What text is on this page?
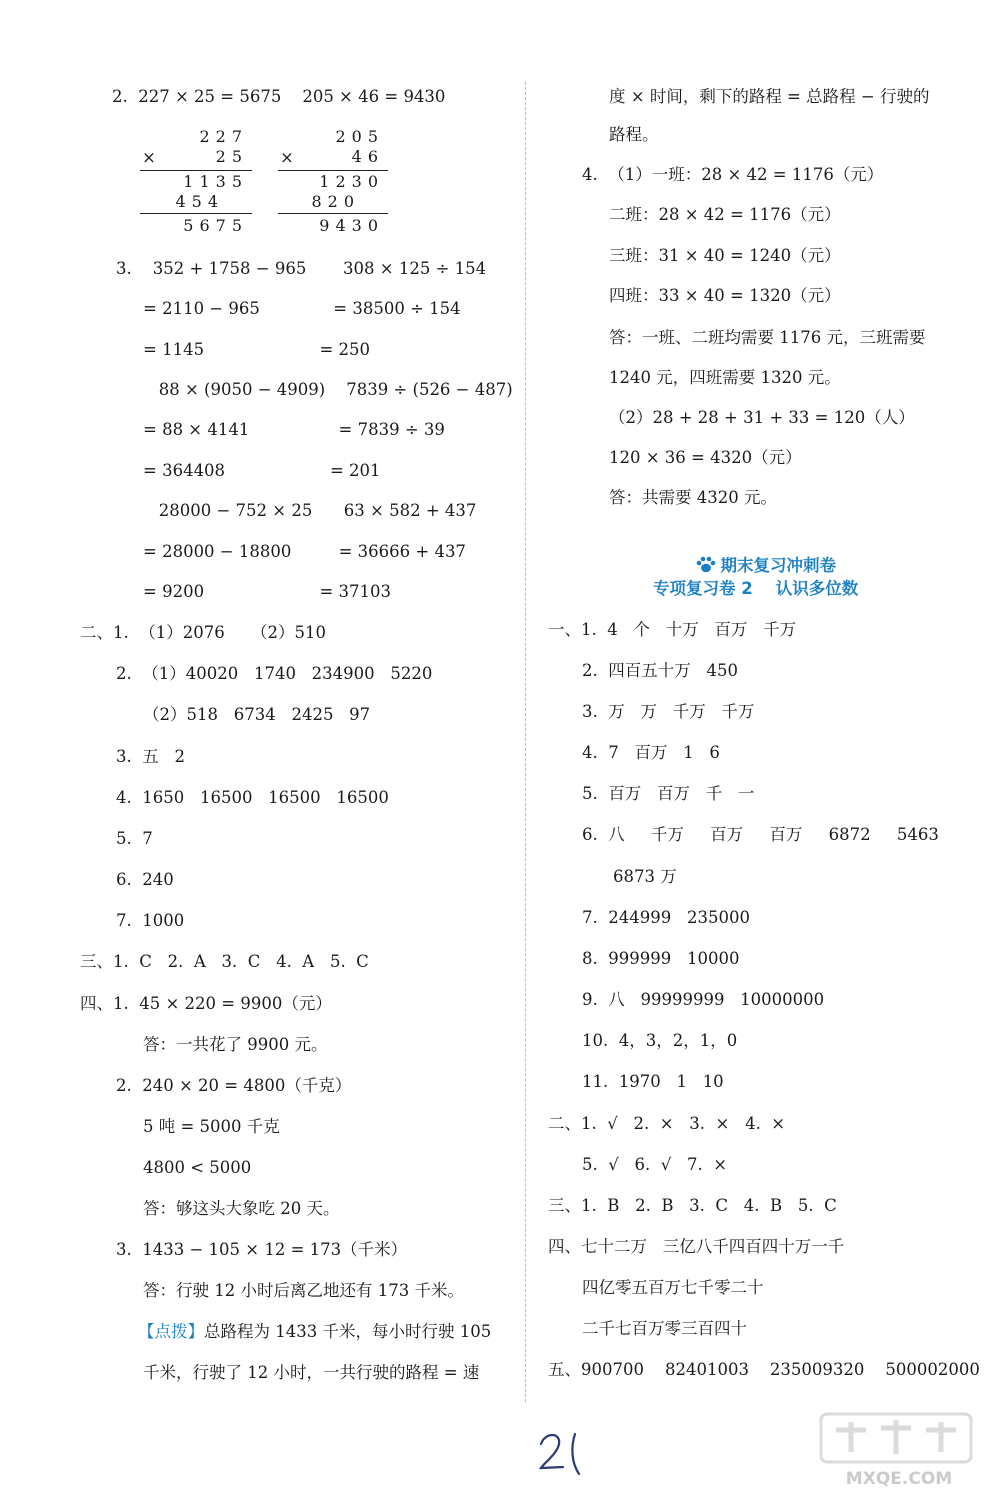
2.  227 × 25 = 5675    205 × 46 = 9430
227
×	25
1135
454
5675
205
×	46
1230
820
9430
3.    352 + 1758 − 965       308 × 125 ÷ 154
= 2110 − 965              = 38500 ÷ 154
= 1145                      = 250
88 × (9050 − 4909)    7839 ÷ (526 − 487)
= 88 × 4141                 = 7839 ÷ 39
= 364408                    = 201
28000 − 752 × 25      63 × 582 + 437
= 28000 − 18800         = 36666 + 437
= 9200                      = 37103
二、1.  （1）2076     （2）510
2.  （1）40020   1740   234900   5220
（2）518   6734   2425   97
3.  五   2
4.  1650   16500   16500   16500
5.  7
6.  240
7.  1000
三、1.  C   2.  A   3.  C   4.  A   5.  C
四、1.  45 × 220 = 9900（元）
答：一共花了 9900 元。
2.  240 × 20 = 4800（千克）
5 吨 = 5000 千克
4800 < 5000
答：够这头大象吃 20 天。
3.  1433 − 105 × 12 = 173（千米）
答：行驶 12 小时后离乙地还有 173 千米。
【点拨】总路程为 1433 千米，每小时行驶 105
千米，行驶了 12 小时，一共行驶的路程 = 速
度 × 时间，剩下的路程 = 总路程 − 行驶的
路程。
4.  （1）一班：28 × 42 = 1176（元）
二班：28 × 42 = 1176（元）
三班：31 × 40 = 1240（元）
四班：33 × 40 = 1320（元）
答：一班、二班均需要 1176 元，三班需要
1240 元，四班需要 1320 元。
（2）28 + 28 + 31 + 33 = 120（人）
120 × 36 = 4320（元）
答：共需要 4320 元。

期末复习冲刺卷

专项复习卷 2    认识多位数
一、1.  4   个   十万   百万   千万
2.  四百五十万   450
3.  万   万   千万   千万
4.  7   百万   1   6
5.  百万   百万   千   一
6.  八     千万     百万     百万     6872     5463
6873 万
7.  244999   235000
8.  999999   10000
9.  八   99999999   10000000
10.  4，3，2，1，0
11.  1970   1   10
二、1.  √   2.  ×   3.  ×   4.  ×
5.  √   6.  √   7.  ×
三、1.  B   2.  B   3.  C   4.  B   5.  C
四、七十二万   三亿八千四百四十万一千
四亿零五百万七千零二十
二千七百万零三百四十
五、900700    82401003    235009320    500002000
MXQE.COM
